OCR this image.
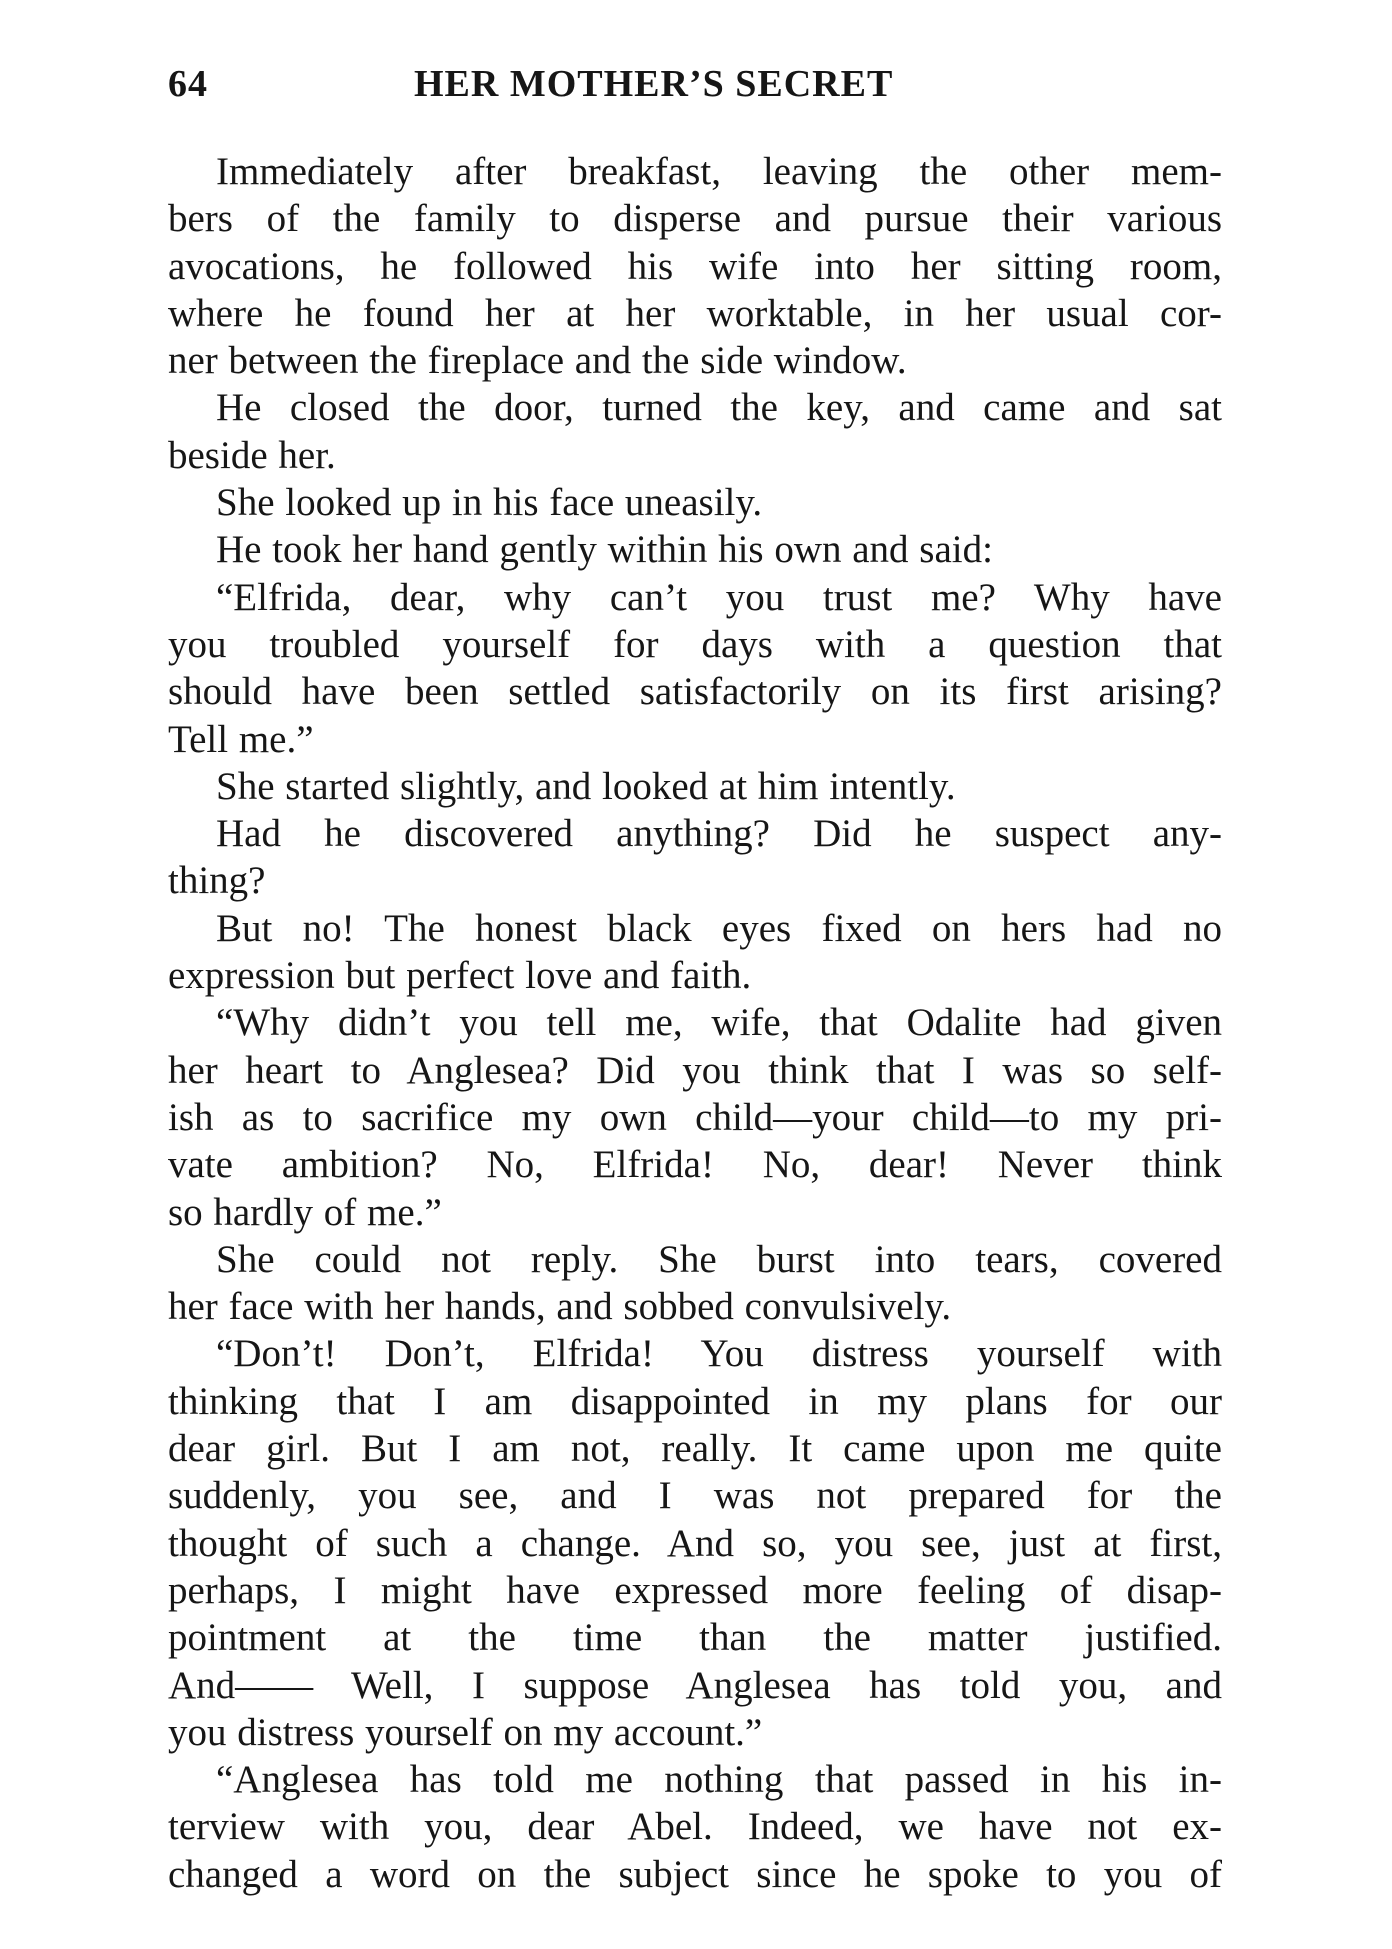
64	HER MOTHER’S SECRET
Immediately after breakfast, leaving the other mem-
bers of the family to disperse and pursue their various
avocations, he followed his wife into her sitting room,
where he found her at her worktable, in her usual cor-
ner between the fireplace and the side window.
He closed the door, turned the key, and came and sat
beside her.
She looked up in his face uneasily.
He took her hand gently within his own and said:
“Elfrida, dear, why can’t you trust me? Why have
you troubled yourself for days with a question that
should have been settled satisfactorily on its first arising?
Tell me.”
She started slightly, and looked at him intently.
Had he discovered anything? Did he suspect any-
thing?
But no! The honest black eyes fixed on hers had no
expression but perfect love and faith.
“Why didn’t you tell me, wife, that Odalite had given
her heart to Anglesea? Did you think that I was so self-
ish as to sacrifice my own child—your child—to my pri-
vate ambition? No, Elfrida! No, dear! Never think
so hardly of me.”
She could not reply. She burst into tears, covered
her face with her hands, and sobbed convulsively.
“Don’t! Don’t, Elfrida! You distress yourself with
thinking that I am disappointed in my plans for our
dear girl. But I am not, really. It came upon me quite
suddenly, you see, and I was not prepared for the
thought of such a change. And so, you see, just at first,
perhaps, I might have expressed more feeling of disap-
pointment at the time than the matter justified.
And—— Well, I suppose Anglesea has told you, and
you distress yourself on my account.”
“Anglesea has told me nothing that passed in his in-
terview with you, dear Abel. Indeed, we have not ex-
changed a word on the subject since he spoke to you of
